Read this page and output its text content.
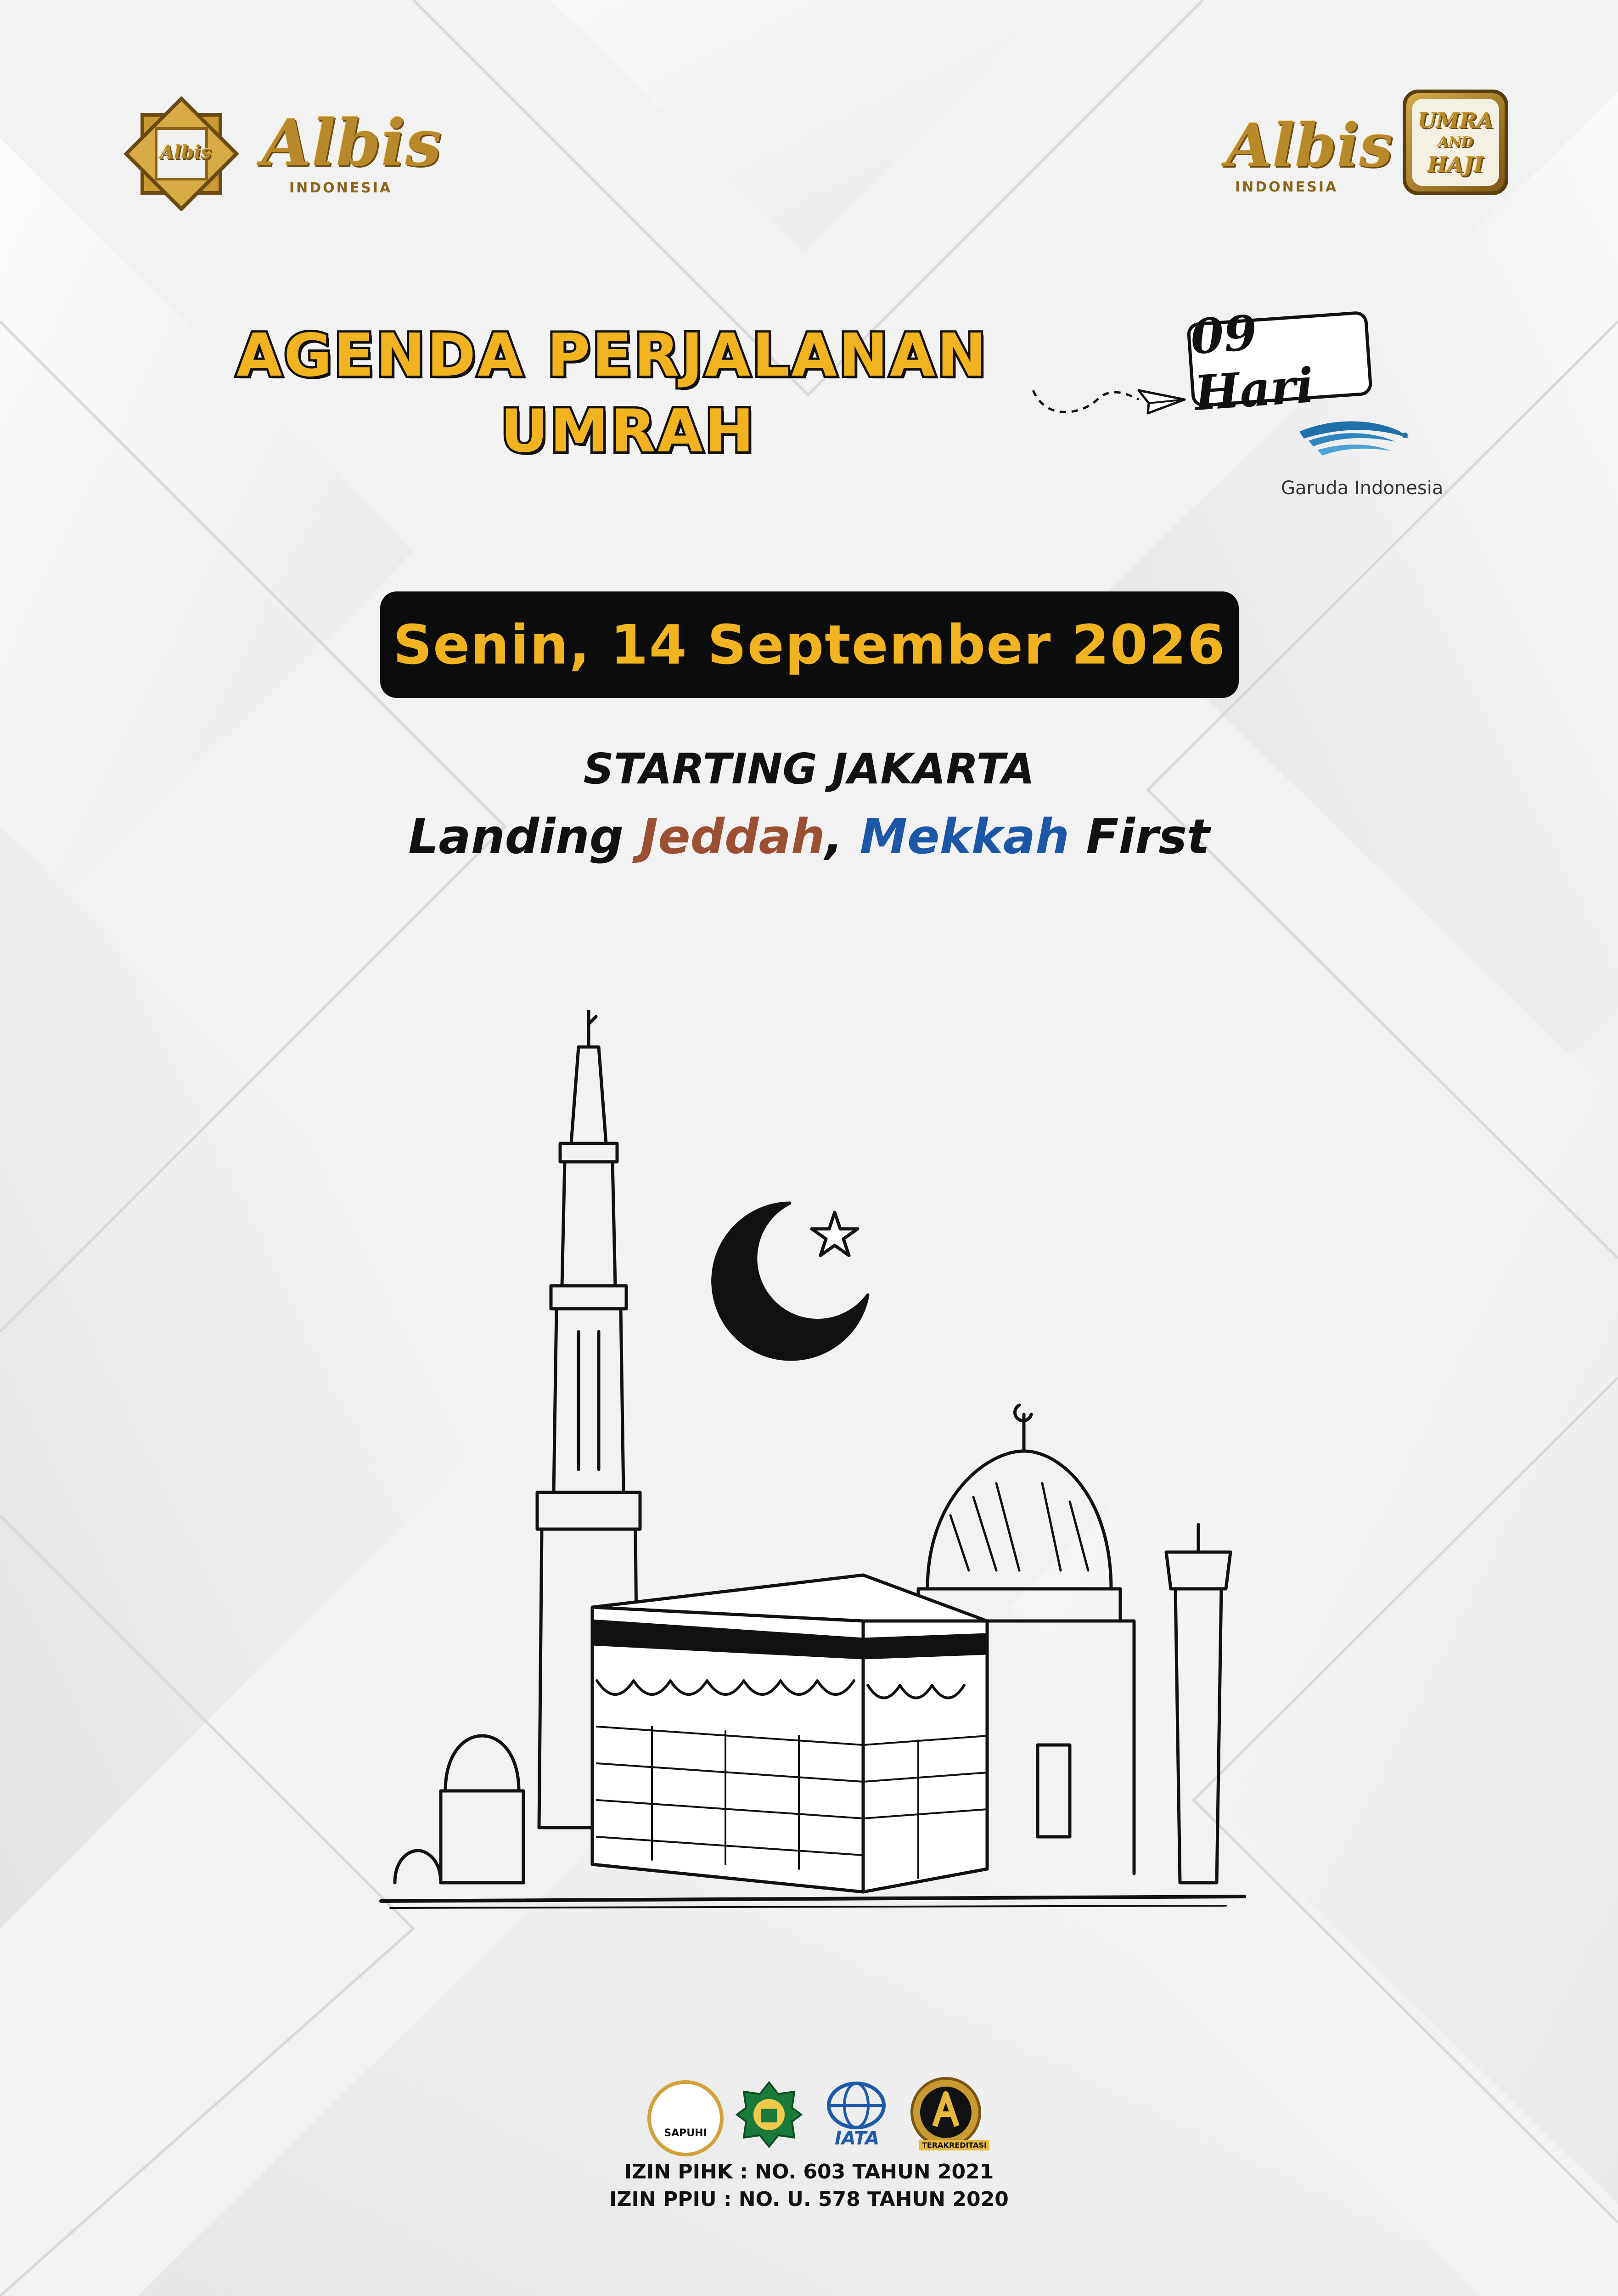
Albis Albis
INDONESIA
Albis
INDONESIA
UMRA
AND
HAJI
AGENDA PERJALANAN
UMRAH
09 Hari
Garuda Indonesia
Senin, 14 September 2026
STARTING JAKARTA
Landing Jeddah, Mekkah First
SAPUHI	IATA	TERAKREDITASI
IZIN PIHK : NO. 603 TAHUN 2021
IZIN PPIU : NO. U. 578 TAHUN 2020
